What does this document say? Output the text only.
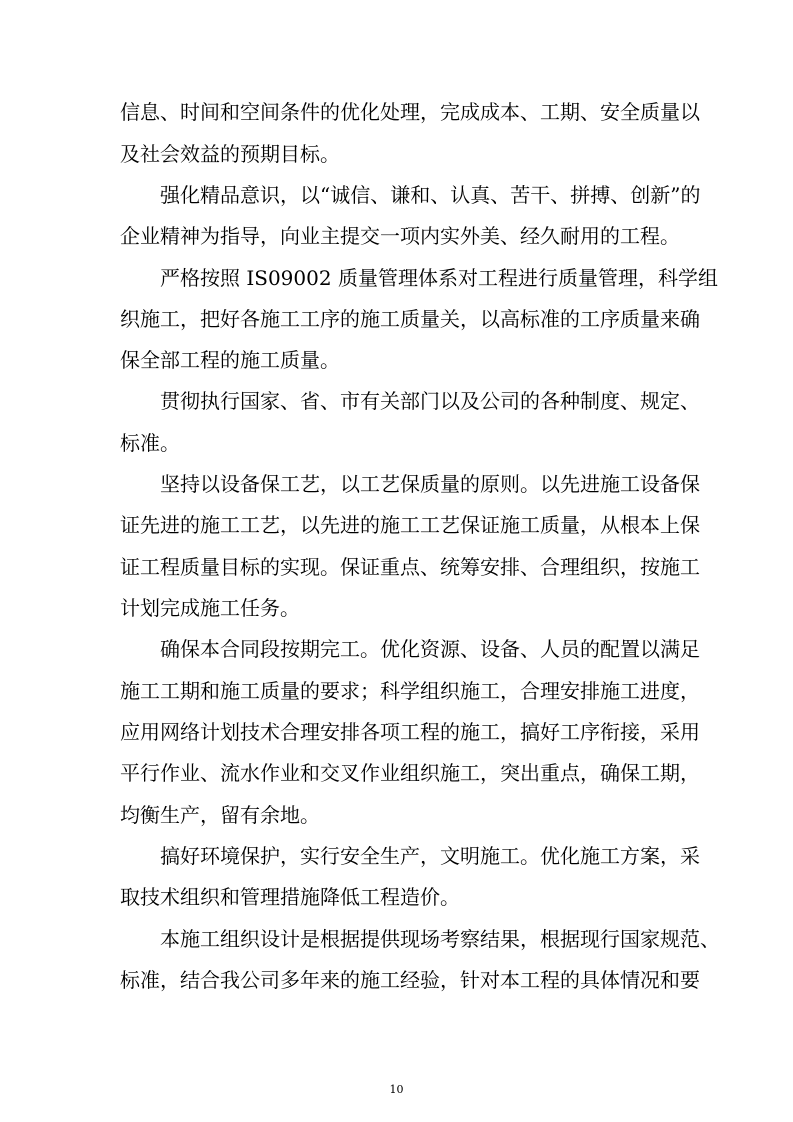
信息、时间和空间条件的优化处理，完成成本、工期、安全质量以
及社会效益的预期目标。
强化精品意识，以“诚信、谦和、认真、苦干、拼搏、创新”的
企业精神为指导，向业主提交一项内实外美、经久耐用的工程。
严格按照 IS09002 质量管理体系对工程进行质量管理，科学组
织施工，把好各施工工序的施工质量关，以高标准的工序质量来确
保全部工程的施工质量。
贯彻执行国家、省、市有关部门以及公司的各种制度、规定、
标准。
坚持以设备保工艺，以工艺保质量的原则。以先进施工设备保
证先进的施工工艺，以先进的施工工艺保证施工质量，从根本上保
证工程质量目标的实现。保证重点、统筹安排、合理组织，按施工
计划完成施工任务。
确保本合同段按期完工。优化资源、设备、人员的配置以满足
施工工期和施工质量的要求；科学组织施工，合理安排施工进度，
应用网络计划技术合理安排各项工程的施工，搞好工序衔接，采用
平行作业、流水作业和交叉作业组织施工，突出重点，确保工期，
均衡生产，留有余地。
搞好环境保护，实行安全生产，文明施工。优化施工方案，采
取技术组织和管理措施降低工程造价。
本施工组织设计是根据提供现场考察结果，根据现行国家规范、
标准，结合我公司多年来的施工经验，针对本工程的具体情况和要
10
